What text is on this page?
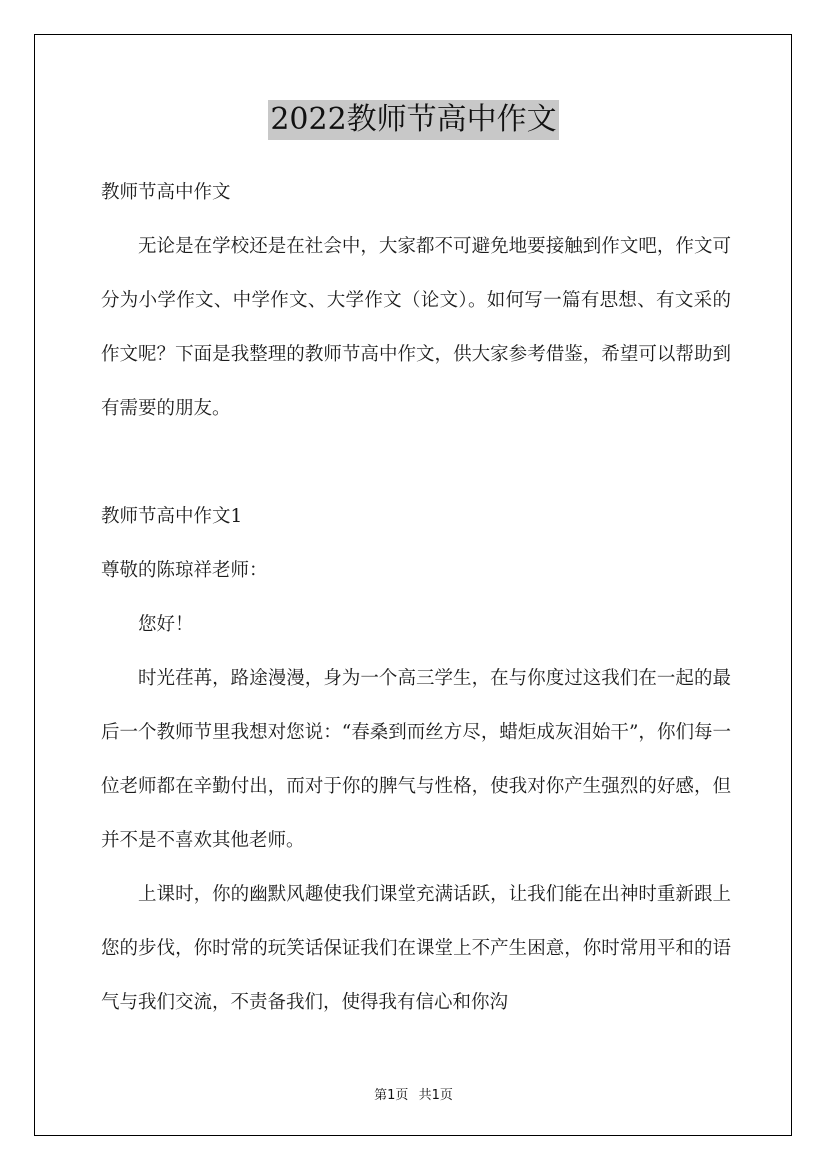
2022教师节高中作文

教师节高中作文

无论是在学校还是在社会中，大家都不可避免地要接触到作文吧，作文可分为小学作文、中学作文、大学作文（论文）。如何写一篇有思想、有文采的作文呢？下面是我整理的教师节高中作文，供大家参考借鉴，希望可以帮助到有需要的朋友。

教师节高中作文1

尊敬的陈琼祥老师：

您好！

时光荏苒，路途漫漫，身为一个高三学生，在与你度过这我们在一起的最后一个教师节里我想对您说：“春桑到而丝方尽，蜡炬成灰泪始干”，你们每一位老师都在辛勤付出，而对于你的脾气与性格，使我对你产生强烈的好感，但并不是不喜欢其他老师。

上课时，你的幽默风趣使我们课堂充满话跃，让我们能在出神时重新跟上您的步伐，你时常的玩笑话保证我们在课堂上不产生困意，你时常用平和的语气与我们交流，不责备我们，使得我有信心和你沟

第1页 共1页
